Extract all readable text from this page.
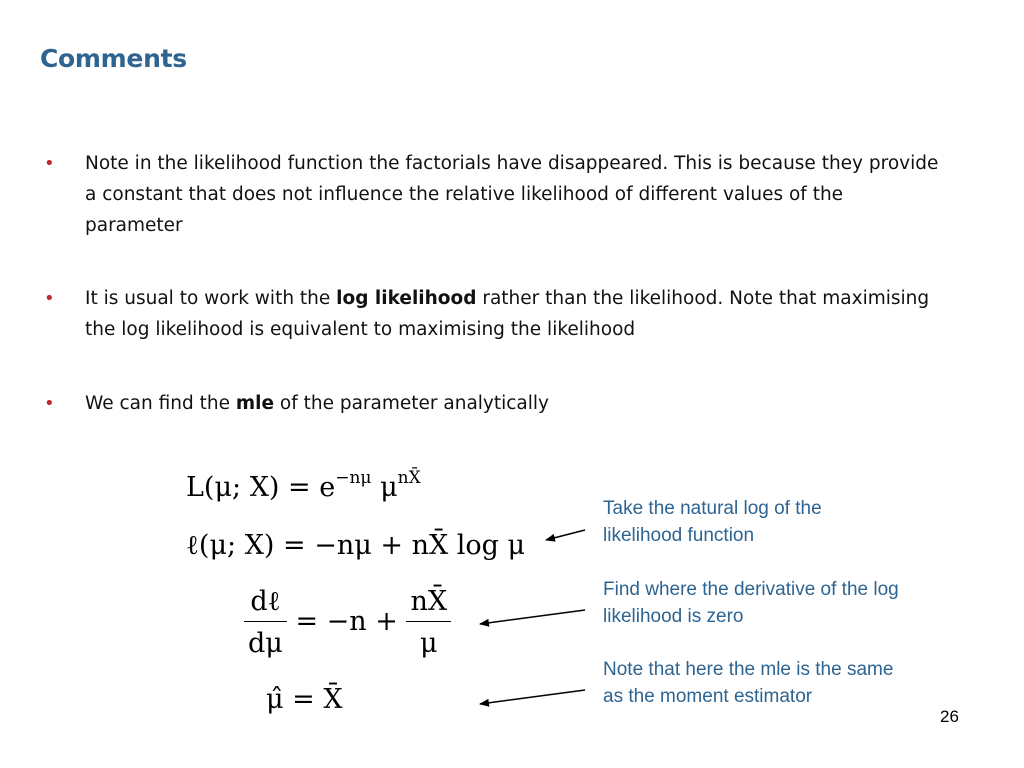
Comments
• Note in the likelihood function the factorials have disappeared. This is because they provide a constant that does not influence the relative likelihood of different values of the parameter
• It is usual to work with the log likelihood rather than the likelihood. Note that maximising the log likelihood is equivalent to maximising the likelihood
• We can find the mle of the parameter analytically
L(μ; $X) = e^{-n\mu}$ $\mu^{nX̄}$
ℓ(μ; X) = −nμ + nX̄ log μ
$\frac{\text{dℓ}}{d\mu} = -n + \frac{nX̄}{\mu}$
μ̂ = X̄
Take the natural log of the likelihood function
Find where the derivative of the log likelihood is zero
Note that here the mle is the same as the moment estimator
26
